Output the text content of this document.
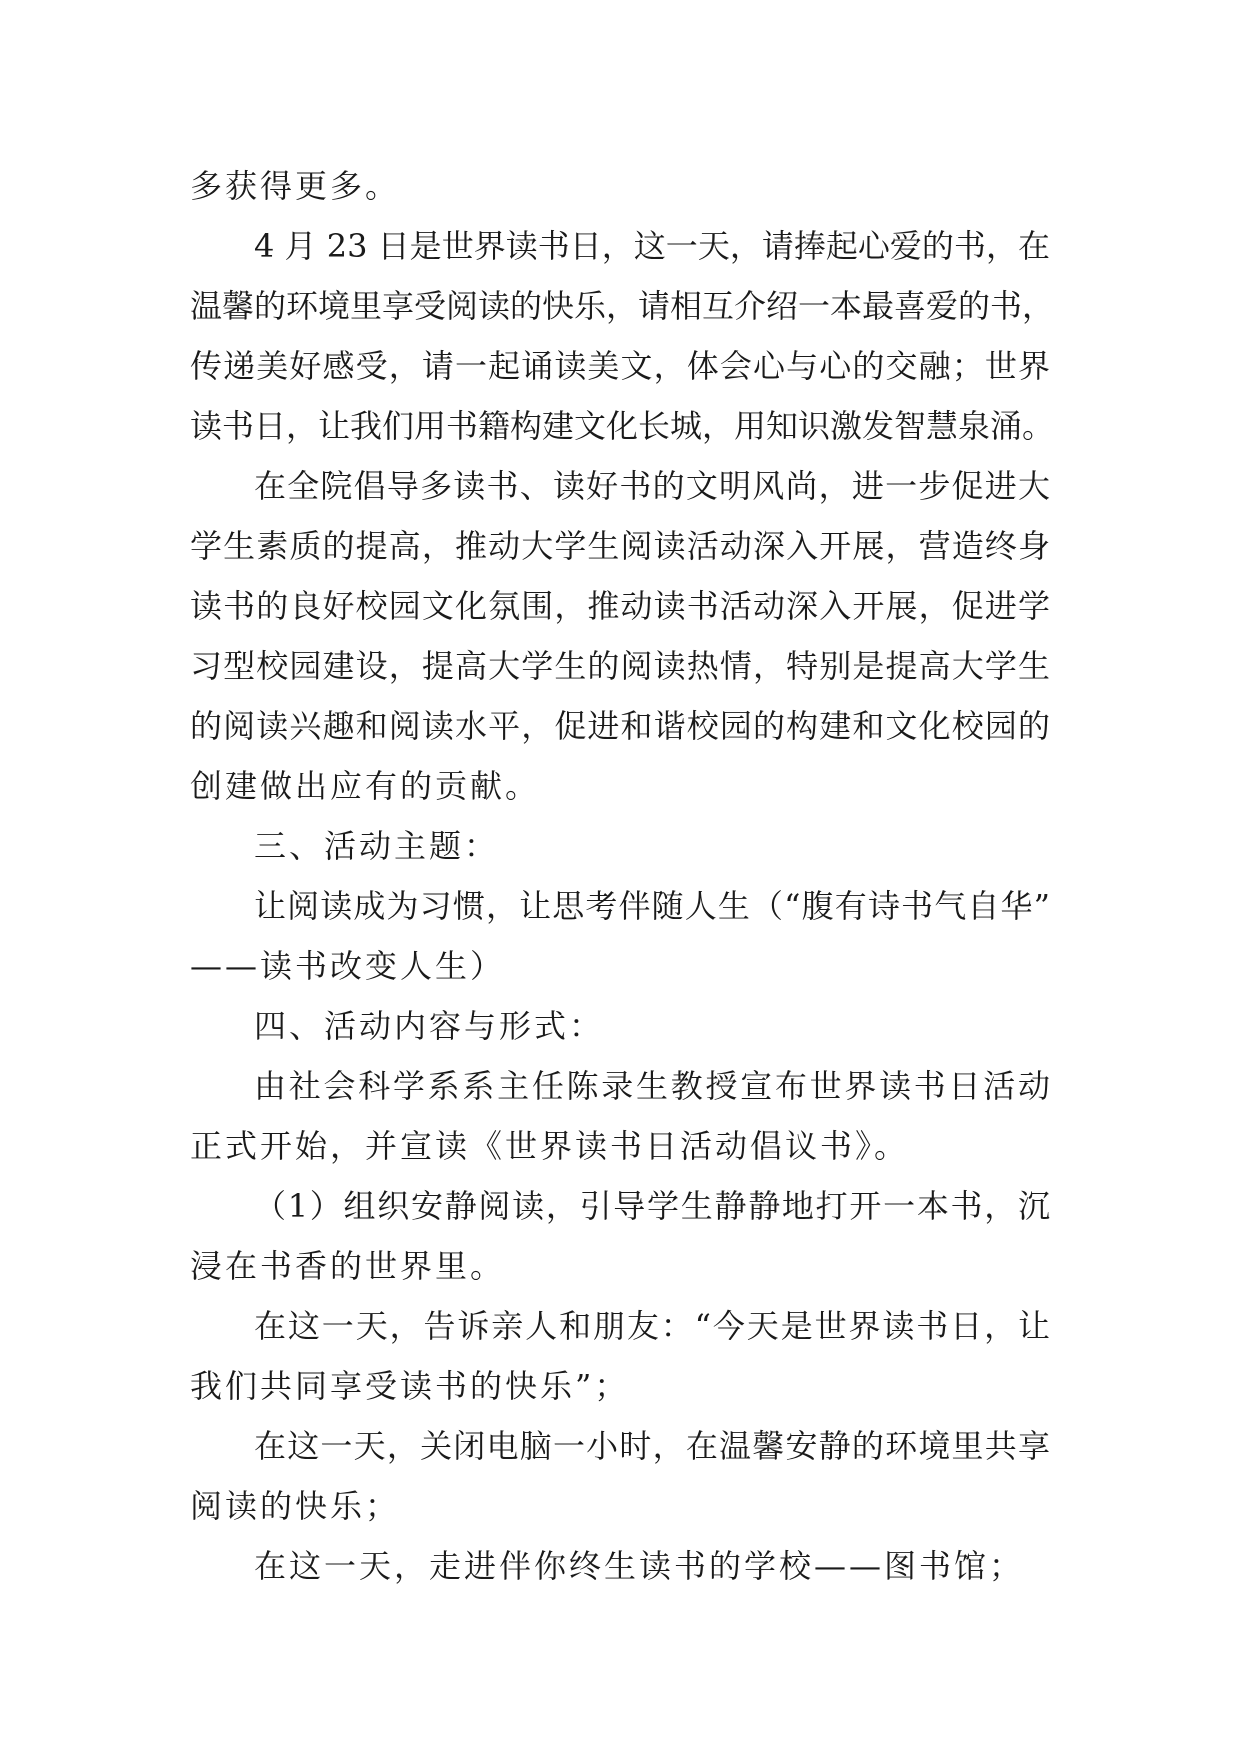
多获得更多。
4 月 23 日是世界读书日，这一天，请捧起心爱的书，在
温馨的环境里享受阅读的快乐，请相互介绍一本最喜爱的书，
传递美好感受，请一起诵读美文，体会心与心的交融；世界
读书日，让我们用书籍构建文化长城，用知识激发智慧泉涌。
在全院倡导多读书、读好书的文明风尚，进一步促进大
学生素质的提高，推动大学生阅读活动深入开展，营造终身
读书的良好校园文化氛围，推动读书活动深入开展，促进学
习型校园建设，提高大学生的阅读热情，特别是提高大学生
的阅读兴趣和阅读水平，促进和谐校园的构建和文化校园的
创建做出应有的贡献。
三、活动主题：
让阅读成为习惯，让思考伴随人生（“腹有诗书气自华”
——读书改变人生）
四、活动内容与形式：
由社会科学系系主任陈录生教授宣布世界读书日活动
正式开始，并宣读《世界读书日活动倡议书》。
（1）组织安静阅读，引导学生静静地打开一本书，沉
浸在书香的世界里。
在这一天，告诉亲人和朋友：“今天是世界读书日，让
我们共同享受读书的快乐”；
在这一天，关闭电脑一小时，在温馨安静的环境里共享
阅读的快乐；
在这一天，走进伴你终生读书的学校——图书馆；
